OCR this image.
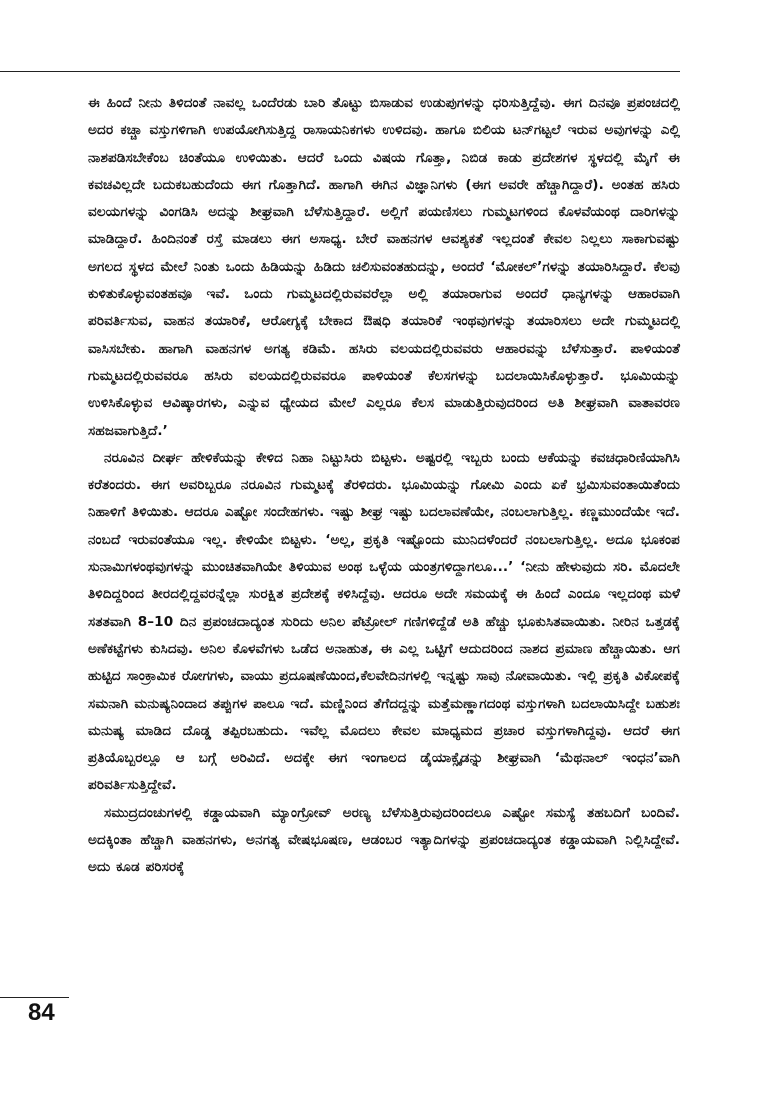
ಈ ಹಿಂದೆ ನೀನು ತಿಳಿದಂತೆ ನಾವಲ್ಲ ಒಂದೆರಡು ಬಾರಿ ತೊಟ್ಟು ಬಿಸಾಡುವ ಉಡುಪುಗಳನ್ನು ಧರಿಸುತ್ತಿದ್ದೆವು. ಈಗ ದಿನವೂ ಪ್ರಪಂಚದಲ್ಲಿ ಅದರ ಕಚ್ಚಾ ವಸ್ತುಗಳಿಗಾಗಿ ಉಪಯೋಗಿಸುತ್ತಿದ್ದ ರಾಸಾಯನಿಕಗಳು ಉಳಿದವು. ಹಾಗೂ ಬಿಲಿಯ ಟನ್‌ಗಟ್ಟಲೆ ಇರುವ ಅವುಗಳನ್ನು ಎಲ್ಲಿ ನಾಶಪಡಿಸಬೇಕೆಂಬ ಚಿಂತೆಯೂ ಉಳಿಯಿತು. ಆದರೆ ಒಂದು ವಿಷಯ ಗೊತ್ತಾ, ನಿಬಿಡ ಕಾಡು ಪ್ರದೇಶಗಳ ಸ್ಥಳದಲ್ಲಿ ಮೈಗೆ ಈ ಕವಚವಿಲ್ಲದೇ ಬದುಕಬಹುದೆಂದು ಈಗ ಗೊತ್ತಾಗಿದೆ. ಹಾಗಾಗಿ ಈಗಿನ ವಿಜ್ಞಾನಿಗಳು (ಈಗ ಅವರೇ ಹೆಚ್ಚಾಗಿದ್ದಾರೆ). ಅಂತಹ ಹಸಿರು ವಲಯಗಳನ್ನು ವಿಂಗಡಿಸಿ ಅದನ್ನು ಶೀಘ್ರವಾಗಿ ಬೆಳೆಸುತ್ತಿದ್ದಾರೆ. ಅಲ್ಲಿಗೆ ಪಯಣಿಸಲು ಗುಮ್ಮಟಗಳಿಂದ ಕೊಳವೆಯಂಥ ದಾರಿಗಳನ್ನು ಮಾಡಿದ್ದಾರೆ. ಹಿಂದಿನಂತೆ ರಸ್ತೆ ಮಾಡಲು ಈಗ ಅಸಾಧ್ಯ. ಬೇರೆ ವಾಹನಗಳ ಆವಶ್ಯಕತೆ ಇಲ್ಲದಂತೆ ಕೇವಲ ನಿಲ್ಲಲು ಸಾಕಾಗುವಷ್ಟು ಅಗಲದ ಸ್ಥಳದ ಮೇಲೆ ನಿಂತು ಒಂದು ಹಿಡಿಯನ್ನು ಹಿಡಿದು ಚಲಿಸುವಂತಹುದನ್ನು, ಅಂದರೆ ‘ಮೋಕಲ್’ಗಳನ್ನು ತಯಾರಿಸಿದ್ದಾರೆ. ಕೆಲವು ಕುಳಿತುಕೊಳ್ಳುವಂತಹವೂ ಇವೆ. ಒಂದು ಗುಮ್ಮಟದಲ್ಲಿರುವವರೆಲ್ಲಾ ಅಲ್ಲಿ ತಯಾರಾಗುವ ಅಂದರೆ ಧಾನ್ಯಗಳನ್ನು ಆಹಾರವಾಗಿ ಪರಿವರ್ತಿಸುವ, ವಾಹನ ತಯಾರಿಕೆ, ಆರೋಗ್ಯಕ್ಕೆ ಬೇಕಾದ ಔಷಧಿ ತಯಾರಿಕೆ ಇಂಥವುಗಳನ್ನು ತಯಾರಿಸಲು ಅದೇ ಗುಮ್ಮಟದಲ್ಲಿ ವಾಸಿಸಬೇಕು. ಹಾಗಾಗಿ ವಾಹನಗಳ ಅಗತ್ಯ ಕಡಿಮೆ. ಹಸಿರು ವಲಯದಲ್ಲಿರುವವರು ಆಹಾರವನ್ನು ಬೆಳೆಸುತ್ತಾರೆ. ಪಾಳಿಯಂತೆ ಗುಮ್ಮಟದಲ್ಲಿರುವವರೂ ಹಸಿರು ವಲಯದಲ್ಲಿರುವವರೂ ಪಾಳಿಯಂತೆ ಕೆಲಸಗಳನ್ನು ಬದಲಾಯಿಸಿಕೊಳ್ಳುತ್ತಾರೆ. ಭೂಮಿಯನ್ನು ಉಳಿಸಿಕೊಳ್ಳುವ ಆವಿಷ್ಕಾರಗಳು, ಎನ್ನುವ ಧ್ಯೇಯದ ಮೇಲೆ ಎಲ್ಲರೂ ಕೆಲಸ ಮಾಡುತ್ತಿರುವುದರಿಂದ ಅತಿ ಶೀಘ್ರವಾಗಿ ವಾತಾವರಣ ಸಹಜವಾಗುತ್ತಿದೆ.’

ನರೂವಿನ ದೀರ್ಘ ಹೇಳಿಕೆಯನ್ನು ಕೇಳಿದ ನಿಹಾ ನಿಟ್ಟುಸಿರು ಬಿಟ್ಟಳು. ಅಷ್ಟರಲ್ಲಿ ಇಬ್ಬರು ಬಂದು ಆಕೆಯನ್ನು ಕವಚಧಾರಿಣಿಯಾಗಿಸಿ ಕರೆತಂದರು. ಈಗ ಅವರಿಬ್ಬರೂ ನರೂವಿನ ಗುಮ್ಮಟಕ್ಕೆ ತೆರಳಿದರು. ಭೂಮಿಯನ್ನು ಗೋಮಿ ಎಂದು ಏಕೆ ಭ್ರಮಿಸುವಂತಾಯಿತೆಂದು ನಿಹಾಳಿಗೆ ತಿಳಿಯಿತು. ಆದರೂ ಎಷ್ಟೋ ಸಂದೇಹಗಳು. ಇಷ್ಟು ಶೀಘ್ರ ಇಷ್ಟು ಬದಲಾವಣೆಯೇ, ನಂಬಲಾಗುತ್ತಿಲ್ಲ. ಕಣ್ಣಮುಂದೆಯೇ ಇದೆ. ನಂಬದೆ ಇರುವಂತೆಯೂ ಇಲ್ಲ. ಕೇಳಿಯೇ ಬಿಟ್ಟಳು. ‘ಅಲ್ಲ, ಪ್ರಕೃತಿ ಇಷ್ಟೊಂದು ಮುನಿದಳೆಂದರೆ ನಂಬಲಾಗುತ್ತಿಲ್ಲ. ಅದೂ ಭೂಕಂಪ ಸುನಾಮಿಗಳಂಥವುಗಳನ್ನು ಮುಂಚಿತವಾಗಿಯೇ ತಿಳಿಯುವ ಅಂಥ ಒಳ್ಳೆಯ ಯಂತ್ರಗಳಿದ್ದಾಗಲೂ...’ ‘ನೀನು ಹೇಳುವುದು ಸರಿ. ಮೊದಲೇ ತಿಳಿದಿದ್ದರಿಂದ ತೀರದಲ್ಲಿದ್ದವರನ್ನೆಲ್ಲಾ ಸುರಕ್ಷಿತ ಪ್ರದೇಶಕ್ಕೆ ಕಳಿಸಿದ್ದೆವು. ಆದರೂ ಅದೇ ಸಮಯಕ್ಕೆ ಈ ಹಿಂದೆ ಎಂದೂ ಇಲ್ಲದಂಥ ಮಳೆ ಸತತವಾಗಿ 8–10 ದಿನ ಪ್ರಪಂಚದಾದ್ಯಂತ ಸುರಿದು ಅನಿಲ ಪೆಟ್ರೋಲ್ ಗಣಿಗಳಿದ್ದೆಡೆ ಅತಿ ಹೆಚ್ಚು ಭೂಕುಸಿತವಾಯಿತು. ನೀರಿನ ಒತ್ತಡಕ್ಕೆ ಅಣೆಕಟ್ಟೆಗಳು ಕುಸಿದವು. ಅನಿಲ ಕೊಳವೆಗಳು ಒಡೆದ ಅನಾಹುತ, ಈ ಎಲ್ಲ ಒಟ್ಟಿಗೆ ಆದುದರಿಂದ ನಾಶದ ಪ್ರಮಾಣ ಹೆಚ್ಚಾಯಿತು. ಆಗ ಹುಟ್ಟಿದ ಸಾಂಕ್ರಾಮಿಕ ರೋಗಗಳು, ವಾಯು ಪ್ರದೂಷಣೆಯಿಂದ,ಕೆಲವೇದಿನಗಳಲ್ಲಿ ಇನ್ನಷ್ಟು ಸಾವು ನೋವಾಯಿತು. ಇಲ್ಲಿ ಪ್ರಕೃತಿ ವಿಕೋಪಕ್ಕೆ ಸಮನಾಗಿ ಮನುಷ್ಯನಿಂದಾದ ತಪ್ಪುಗಳ ಪಾಲೂ ಇದೆ. ಮಣ್ಣಿನಿಂದ ತೆಗೆದದ್ದನ್ನು ಮತ್ತೆಮಣ್ಣಾಗದಂಥ ವಸ್ತುಗಳಾಗಿ ಬದಲಾಯಿಸಿದ್ದೇ ಬಹುಶಃ ಮನುಷ್ಯ ಮಾಡಿದ ದೊಡ್ಡ ತಪ್ಪಿರಬಹುದು. ಇವೆಲ್ಲ ಮೊದಲು ಕೇವಲ ಮಾಧ್ಯಮದ ಪ್ರಚಾರ ವಸ್ತುಗಳಾಗಿದ್ದವು. ಆದರೆ ಈಗ ಪ್ರತಿಯೊಬ್ಬರಲ್ಲೂ ಆ ಬಗ್ಗೆ ಅರಿವಿದೆ. ಅದಕ್ಕೇ ಈಗ ಇಂಗಾಲದ ಡೈಯಾಕ್ಸೈಡನ್ನು ಶೀಘ್ರವಾಗಿ ‘ಮೆಥನಾಲ್ ಇಂಧನ’ವಾಗಿ ಪರಿವರ್ತಿಸುತ್ತಿದ್ದೇವೆ.

ಸಮುದ್ರದಂಚುಗಳಲ್ಲಿ ಕಡ್ಡಾಯವಾಗಿ ಮ್ಯಾಂಗ್ರೋವ್ ಅರಣ್ಯ ಬೆಳೆಸುತ್ತಿರುವುದರಿಂದಲೂ ಎಷ್ಟೋ ಸಮಸ್ಯೆ ತಹಬದಿಗೆ ಬಂದಿವೆ. ಅದಕ್ಕಿಂತಾ ಹೆಚ್ಚಾಗಿ ವಾಹನಗಳು, ಅನಗತ್ಯ ವೇಷಭೂಷಣ, ಆಡಂಬರ ಇತ್ಯಾದಿಗಳನ್ನು ಪ್ರಪಂಚದಾದ್ಯಂತ ಕಡ್ಡಾಯವಾಗಿ ನಿಲ್ಲಿಸಿದ್ದೇವೆ. ಅದು ಕೂಡ ಪರಿಸರಕ್ಕೆ

84
